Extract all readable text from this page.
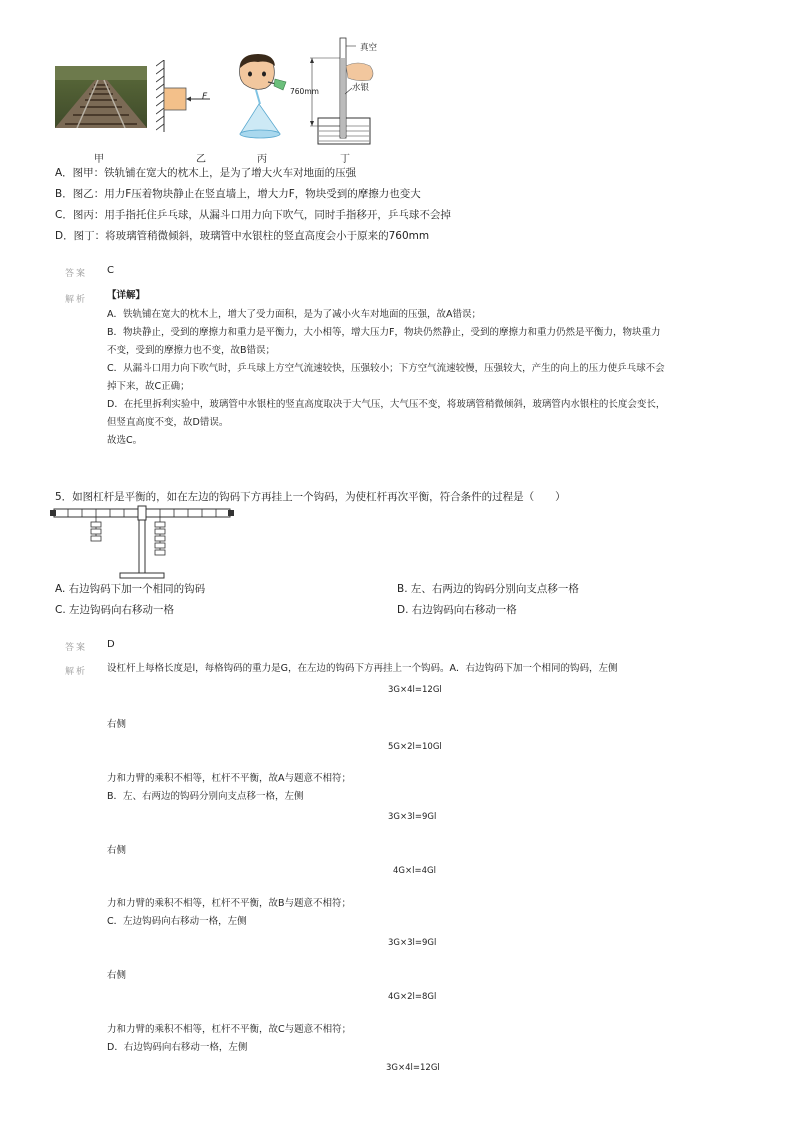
甲
F
乙	丙
真空
760mm	水银
丁
A．图甲：铁轨铺在宽大的枕木上，是为了增大火车对地面的压强
B．图乙：用力F压着物块静止在竖直墙上，增大力F，物块受到的摩擦力也变大
C．图丙：用手指托住乒乓球，从漏斗口用力向下吹气，同时手指移开，乒乓球不会掉
D．图丁：将玻璃管稍微倾斜，玻璃管中水银柱的竖直高度会小于原来的760mm
答案 C
解析 【详解】
A．铁轨铺在宽大的枕木上，增大了受力面积，是为了减小火车对地面的压强，故A错误；
B．物块静止，受到的摩擦力和重力是平衡力，大小相等，增大压力F，物块仍然静止，受到的摩擦力和重力仍然是平衡力，物块重力
不变，受到的摩擦力也不变，故B错误；
C．从漏斗口用力向下吹气时，乒乓球上方空气流速较快，压强较小；下方空气流速较慢，压强较大，产生的向上的压力使乒乓球不会
掉下来，故C正确；
D．在托里拆利实验中，玻璃管中水银柱的竖直高度取决于大气压，大气压不变，将玻璃管稍微倾斜，玻璃管内水银柱的长度会变长，
但竖直高度不变，故D错误。
故选C。
5．如图杠杆是平衡的，如在左边的钩码下方再挂上一个钩码，为使杠杆再次平衡，符合条件的过程是（　　）
A. 右边钩码下加一个相同的钩码	B. 左、右两边的钩码分别向支点移一格
C. 左边钩码向右移动一格	D. 右边钩码向右移动一格
答案 D
解析 设杠杆上每格长度是l，每格钩码的重力是G，在左边的钩码下方再挂上一个钩码。A．右边钩码下加一个相同的钩码，左侧
3G×4l=12Gl
右侧
5G×2l=10Gl
力和力臂的乘积不相等，杠杆不平衡，故A与题意不相符；
B．左、右两边的钩码分别向支点移一格，左侧
3G×3l=9Gl
右侧
4G×l=4Gl
力和力臂的乘积不相等，杠杆不平衡，故B与题意不相符；
C．左边钩码向右移动一格，左侧
3G×3l=9Gl
右侧
4G×2l=8Gl
力和力臂的乘积不相等，杠杆不平衡，故C与题意不相符；
D．右边钩码向右移动一格，左侧
3G×4l=12Gl
